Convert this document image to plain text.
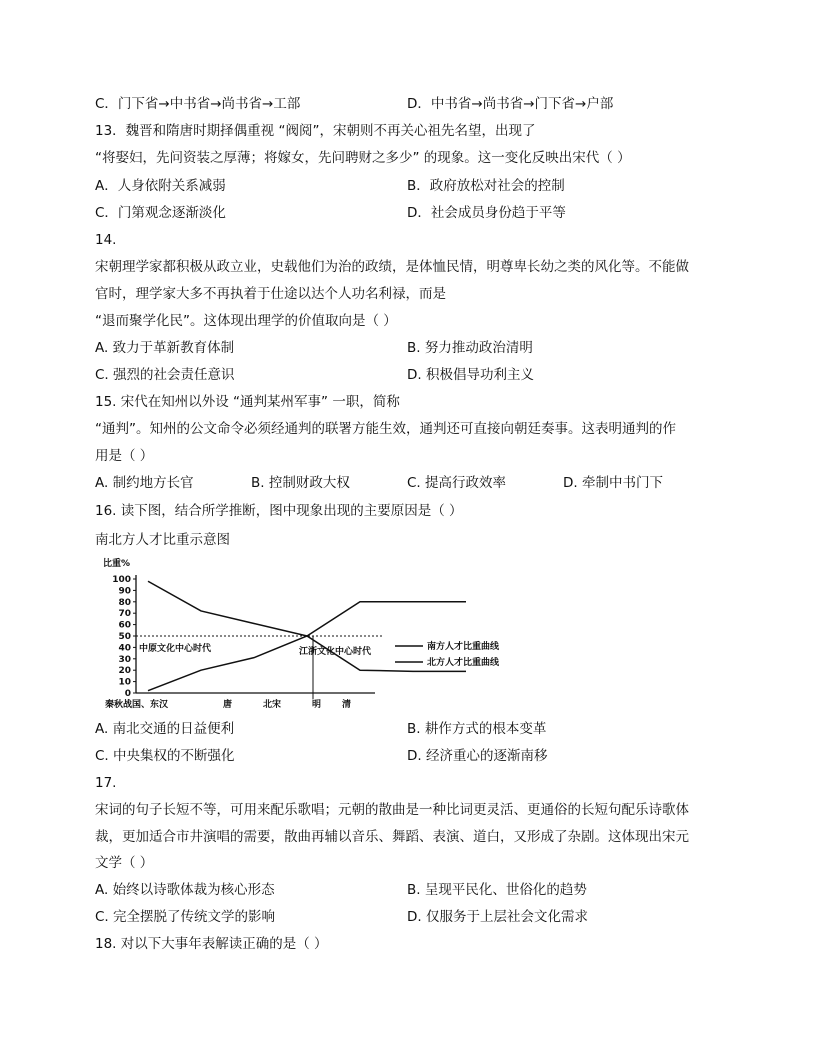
C．门下省→中书省→尚书省→工部	D．中书省→尚书省→门下省→户部
13．魏晋和隋唐时期择偶重视 “阀阅”，宋朝则不再关心祖先名望，出现了
“将娶妇，先问资装之厚薄；将嫁女，先问聘财之多少” 的现象。这一变化反映出宋代（ ）
A．人身依附关系减弱	B．政府放松对社会的控制
C．门第观念逐渐淡化	D．社会成员身份趋于平等
14.
宋朝理学家都积极从政立业，史载他们为治的政绩，是体恤民情，明尊卑长幼之类的风化等。不能做
官时，理学家大多不再执着于仕途以达个人功名利禄，而是
“退而聚学化民”。这体现出理学的价值取向是（ ）
A. 致力于革新教育体制	B. 努力推动政治清明
C. 强烈的社会责任意识	D. 积极倡导功利主义
15. 宋代在知州以外设 “通判某州军事” 一职，简称
“通判”。知州的公文命令必须经通判的联署方能生效，通判还可直接向朝廷奏事。这表明通判的作
用是（ ）
A. 制约地方长官	B. 控制财政大权	C. 提高行政效率	D. 牵制中书门下
16. 读下图，结合所学推断，图中现象出现的主要原因是（ ）
南北方人才比重示意图
比重%
0
10
20
30
40
50
60
70
80
90
100
中原文化中心时代	江浙文化中心时代	南方人才比重曲线
北方人才比重曲线
秦秋战国、东汉	唐	北宋	明 清
A. 南北交通的日益便利	B. 耕作方式的根本变革
C. 中央集权的不断强化	D. 经济重心的逐渐南移
17.
宋词的句子长短不等，可用来配乐歌唱；元朝的散曲是一种比词更灵活、更通俗的长短句配乐诗歌体
裁，更加适合市井演唱的需要，散曲再辅以音乐、舞蹈、表演、道白，又形成了杂剧。这体现出宋元
文学（ ）
A. 始终以诗歌体裁为核心形态	B. 呈现平民化、世俗化的趋势
C. 完全摆脱了传统文学的影响	D. 仅服务于上层社会文化需求
18. 对以下大事年表解读正确的是（ ）
